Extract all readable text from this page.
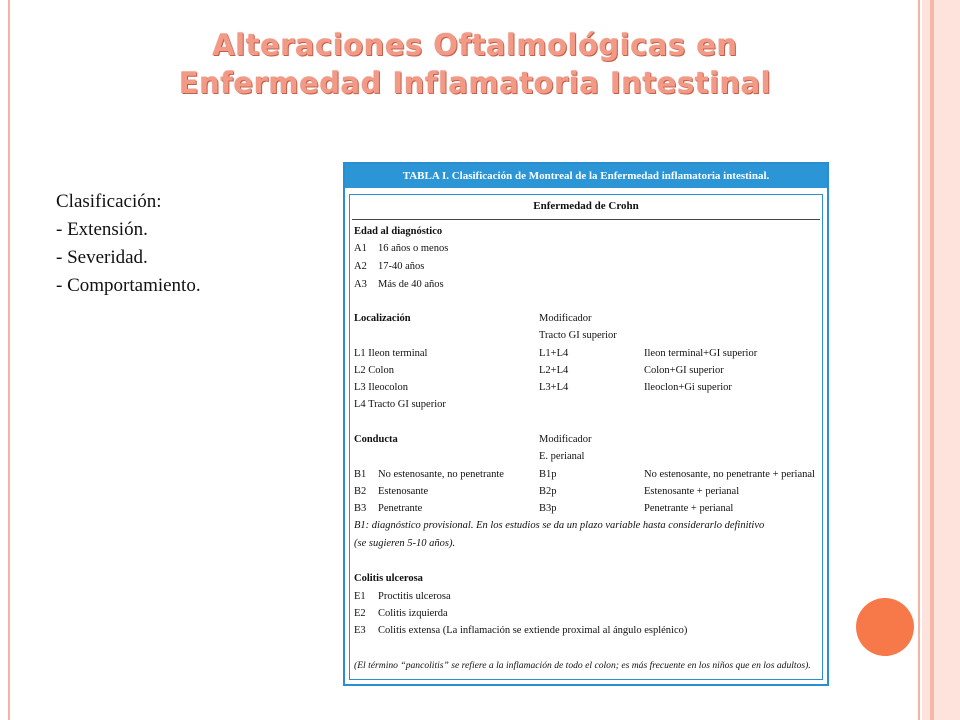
Alteraciones Oftalmológicas en
Enfermedad Inflamatoria Intestinal
Clasificación:
- Extensión.
- Severidad.
- Comportamiento.
TABLA I. Clasificación de Montreal de la Enfermedad inflamatoria intestinal.
Enfermedad de Crohn
Edad al diagnóstico
A1 16 años o menos
A2 17-40 años
A3 Más de 40 años
Localización	Modificador
Tracto GI superior
L1 Ileon terminal	L1+L4	Ileon terminal+GI superior
L2 Colon	L2+L4	Colon+GI superior
L3 Ileocolon	L3+L4	Ileoclon+Gi superior
L4 Tracto GI superior
Conducta	Modificador
E. perianal
B1 No estenosante, no penetrante	B1p	No estenosante, no penetrante + perianal
B2 Estenosante	B2p	Estenosante + perianal
B3 Penetrante	B3p	Penetrante + perianal
B1: diagnóstico provisional. En los estudios se da un plazo variable hasta considerarlo definitivo
(se sugieren 5-10 años).
Colitis ulcerosa
E1 Proctitis ulcerosa
E2 Colitis izquierda
E3 Colitis extensa (La inflamación se extiende proximal al ángulo esplénico)
(El término “pancolitis” se refiere a la inflamación de todo el colon; es más frecuente en los niños que en los adultos).
